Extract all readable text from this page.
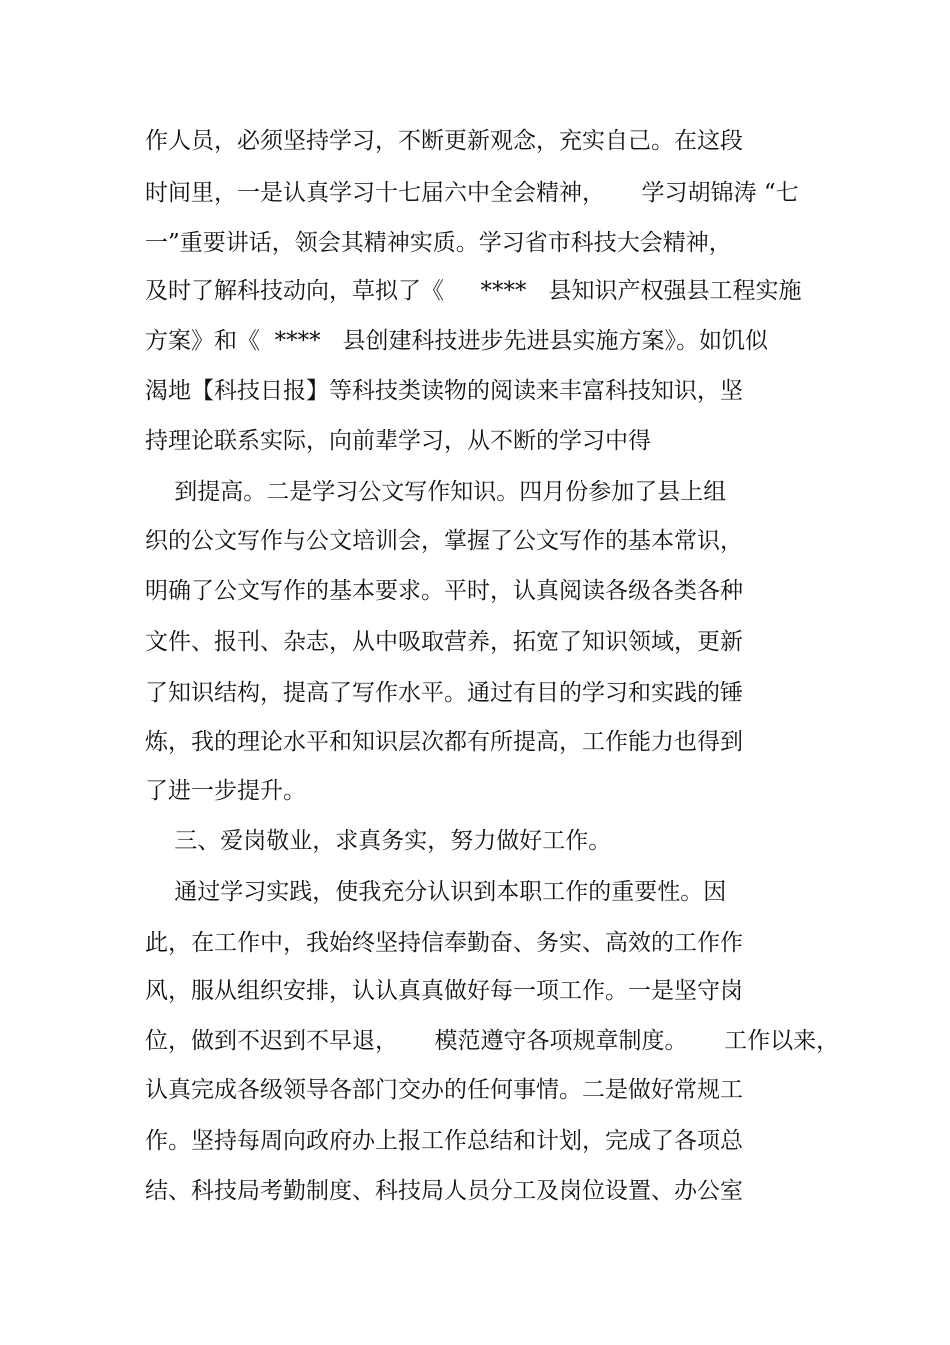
作人员，必须坚持学习，不断更新观念，充实自己。在这段
时间里，一是认真学习十七届六中全会精神，     学习胡锦涛 “七
一”重要讲话，领会其精神实质。学习省市科技大会精神，
及时了解科技动向，草拟了《     ****   县知识产权强县工程实施
方案》和《  ****   县创建科技进步先进县实施方案》。如饥似
渴地【科技日报】等科技类读物的阅读来丰富科技知识，坚
持理论联系实际，向前辈学习，从不断的学习中得
到提高。二是学习公文写作知识。四月份参加了县上组
织的公文写作与公文培训会，掌握了公文写作的基本常识，
明确了公文写作的基本要求。平时，认真阅读各级各类各种
文件、报刊、杂志，从中吸取营养，拓宽了知识领域，更新
了知识结构，提高了写作水平。通过有目的学习和实践的锤
炼，我的理论水平和知识层次都有所提高，工作能力也得到
了进一步提升。
三、爱岗敬业，求真务实，努力做好工作。
通过学习实践，使我充分认识到本职工作的重要性。因
此，在工作中，我始终坚持信奉勤奋、务实、高效的工作作
风，服从组织安排，认认真真做好每一项工作。一是坚守岗
位，做到不迟到不早退，     模范遵守各项规章制度。     工作以来，
认真完成各级领导各部门交办的任何事情。二是做好常规工
作。坚持每周向政府办上报工作总结和计划，完成了各项总
结、科技局考勤制度、科技局人员分工及岗位设置、办公室
